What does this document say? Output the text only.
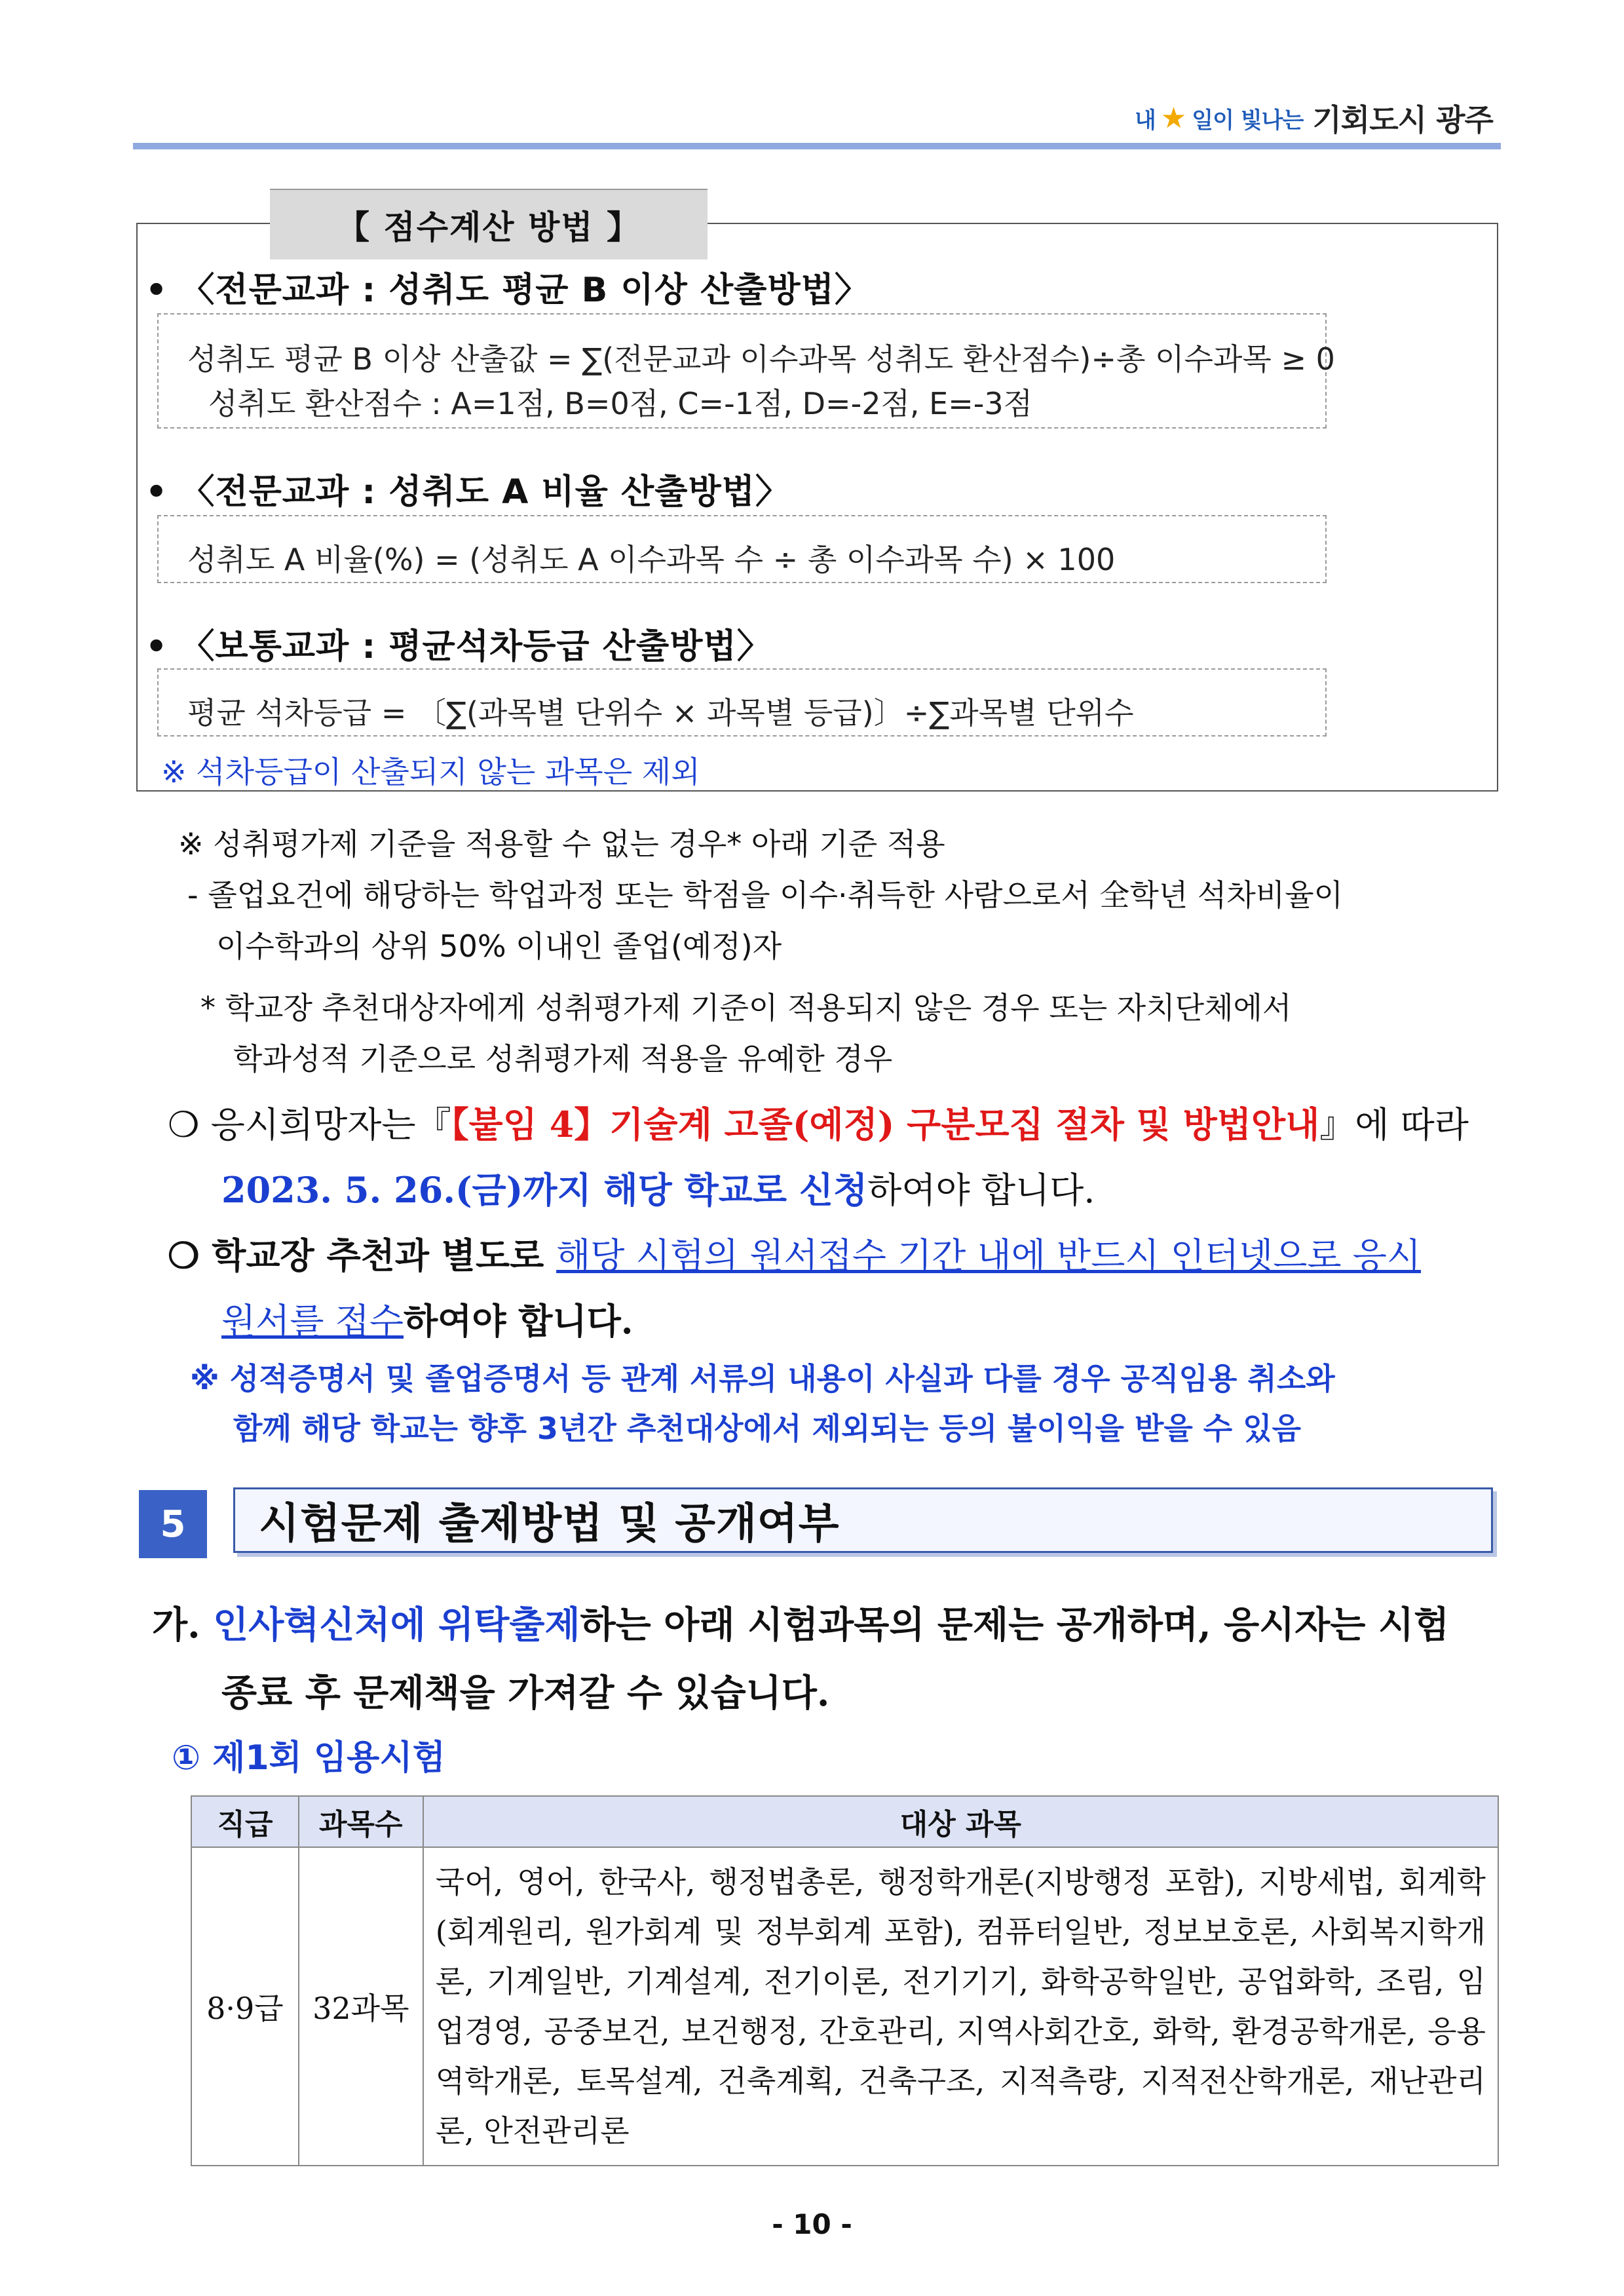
내 ★ 일이 빛나는 기회도시 광주
【 점수계산 방법 】
• 〈전문교과 : 성취도 평균 B 이상 산출방법〉
성취도 평균 B 이상 산출값 = ∑(전문교과 이수과목 성취도 환산점수)÷총 이수과목 ≥ 0
성취도 환산점수 : A=1점, B=0점, C=-1점, D=-2점, E=-3점
• 〈전문교과 : 성취도 A 비율 산출방법〉
성취도 A 비율(%) = (성취도 A 이수과목 수 ÷ 총 이수과목 수) × 100
• 〈보통교과 : 평균석차등급 산출방법〉
평균 석차등급 = 〔∑(과목별 단위수 × 과목별 등급)〕÷∑과목별 단위수
※ 석차등급이 산출되지 않는 과목은 제외
※ 성취평가제 기준을 적용할 수 없는 경우* 아래 기준 적용
- 졸업요건에 해당하는 학업과정 또는 학점을 이수·취득한 사람으로서 全학년 석차비율이
이수학과의 상위 50% 이내인 졸업(예정)자
* 학교장 추천대상자에게 성취평가제 기준이 적용되지 않은 경우 또는 자치단체에서
학과성적 기준으로 성취평가제 적용을 유예한 경우
❍ 응시희망자는『【붙임 4】기술계 고졸(예정) 구분모집 절차 및 방법안내』에 따라
2023. 5. 26.(금)까지 해당 학교로 신청하여야 합니다.
❍ 학교장 추천과 별도로 해당 시험의 원서접수 기간 내에 반드시 인터넷으로 응시
원서를 접수하여야 합니다.
※ 성적증명서 및 졸업증명서 등 관계 서류의 내용이 사실과 다를 경우 공직임용 취소와
함께 해당 학교는 향후 3년간 추천대상에서 제외되는 등의 불이익을 받을 수 있음
5	시험문제 출제방법 및 공개여부
가. 인사혁신처에 위탁출제하는 아래 시험과목의 문제는 공개하며, 응시자는 시험
종료 후 문제책을 가져갈 수 있습니다.
① 제1회 임용시험
직급	과목수	대상 과목
8·9급	32과목	국어, 영어, 한국사, 행정법총론, 행정학개론(지방행정 포함), 지방세법, 회계학(회계원리, 원가회계 및 정부회계 포함), 컴퓨터일반, 정보보호론, 사회복지학개론, 기계일반, 기계설계, 전기이론, 전기기기, 화학공학일반, 공업화학, 조림, 임업경영, 공중보건, 보건행정, 간호관리, 지역사회간호, 화학, 환경공학개론, 응용역학개론, 토목설계, 건축계획, 건축구조, 지적측량, 지적전산학개론, 재난관리론, 안전관리론
- 10 -
